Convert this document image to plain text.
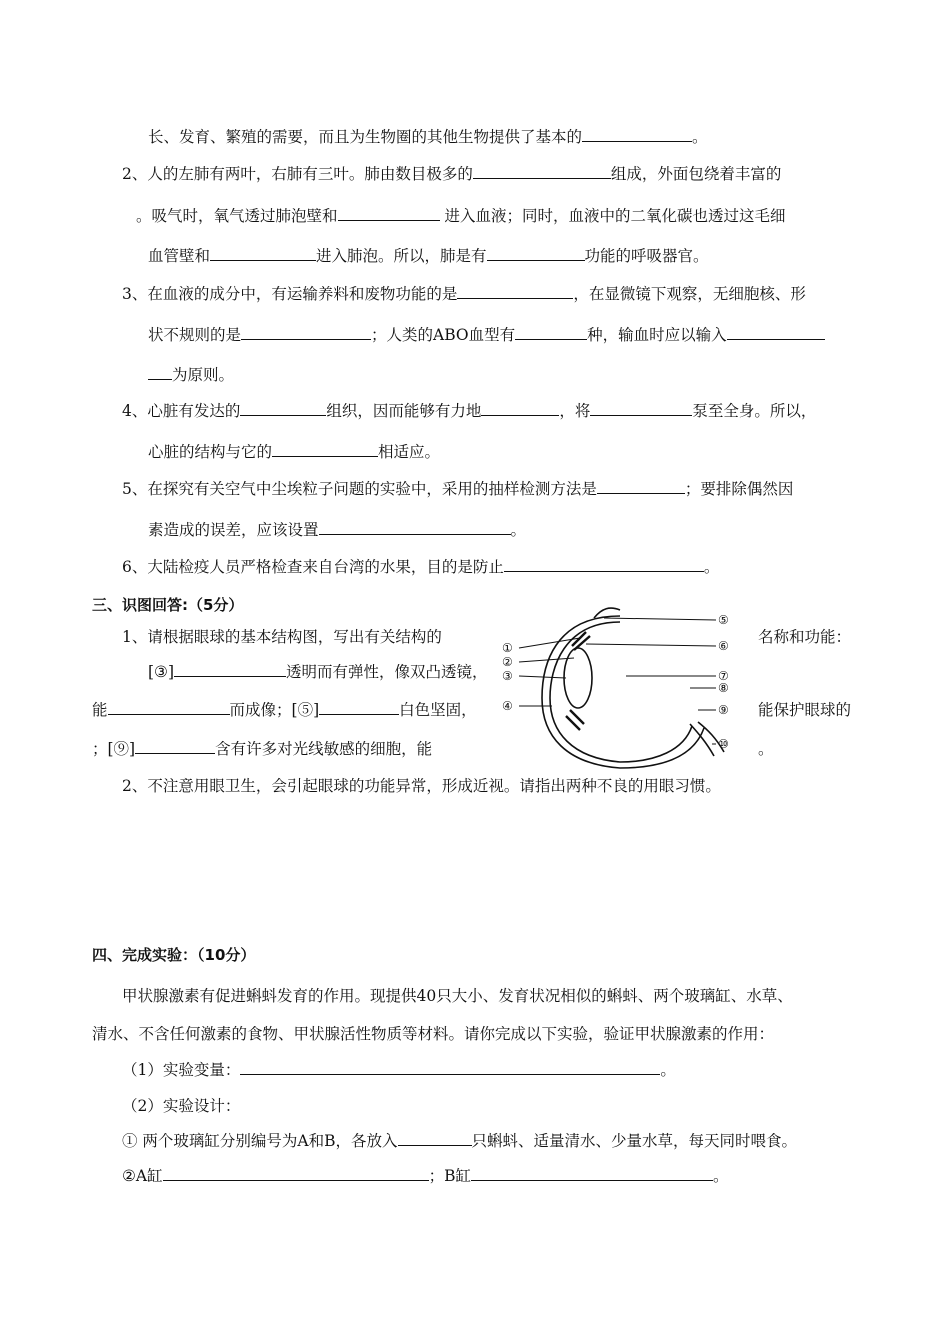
长、发育、繁殖的需要，而且为生物圈的其他生物提供了基本的	。
2、人的左肺有两叶，右肺有三叶。肺由数目极多的	组成，外面包绕着丰富的
。吸气时，氧气透过肺泡壁和	进入血液；同时，血液中的二氧化碳也透过这毛细
血管壁和	进入肺泡。所以，肺是有	功能的呼吸器官。
3、在血液的成分中，有运输养料和废物功能的是	，在显微镜下观察，无细胞核、形
状不规则的是	；人类的ABO血型有	种，输血时应以输入
为原则。
4、心脏有发达的	组织，因而能够有力地	，将	泵至全身。所以，
心脏的结构与它的	相适应。
5、在探究有关空气中尘埃粒子问题的实验中，采用的抽样检测方法是	；要排除偶然因
素造成的误差，应该设置	。
6、大陆检疫人员严格检查来自台湾的水果，目的是防止	。
三、识图回答:（5分）
1、请根据眼球的基本结构图，写出有关结构的	名称和功能：
[③]	透明而有弹性，像双凸透镜，
能	而成像；[⑤]	白色坚固，	能保护眼球的
；[⑨]	含有许多对光线敏感的细胞，能	。
①
②
③
④
⑤
⑥
⑦
⑧
⑨
⑩
2、不注意用眼卫生，会引起眼球的功能异常，形成近视。请指出两种不良的用眼习惯。
四、完成实验：（10分）
甲状腺激素有促进蝌蚪发育的作用。现提供40只大小、发育状况相似的蝌蚪、两个玻璃缸、水草、
清水、不含任何激素的食物、甲状腺活性物质等材料。请你完成以下实验，验证甲状腺激素的作用：
（1）实验变量：	。
（2）实验设计：
① 两个玻璃缸分别编号为A和B，各放入	只蝌蚪、适量清水、少量水草，每天同时喂食。
②A缸	；B缸	。
